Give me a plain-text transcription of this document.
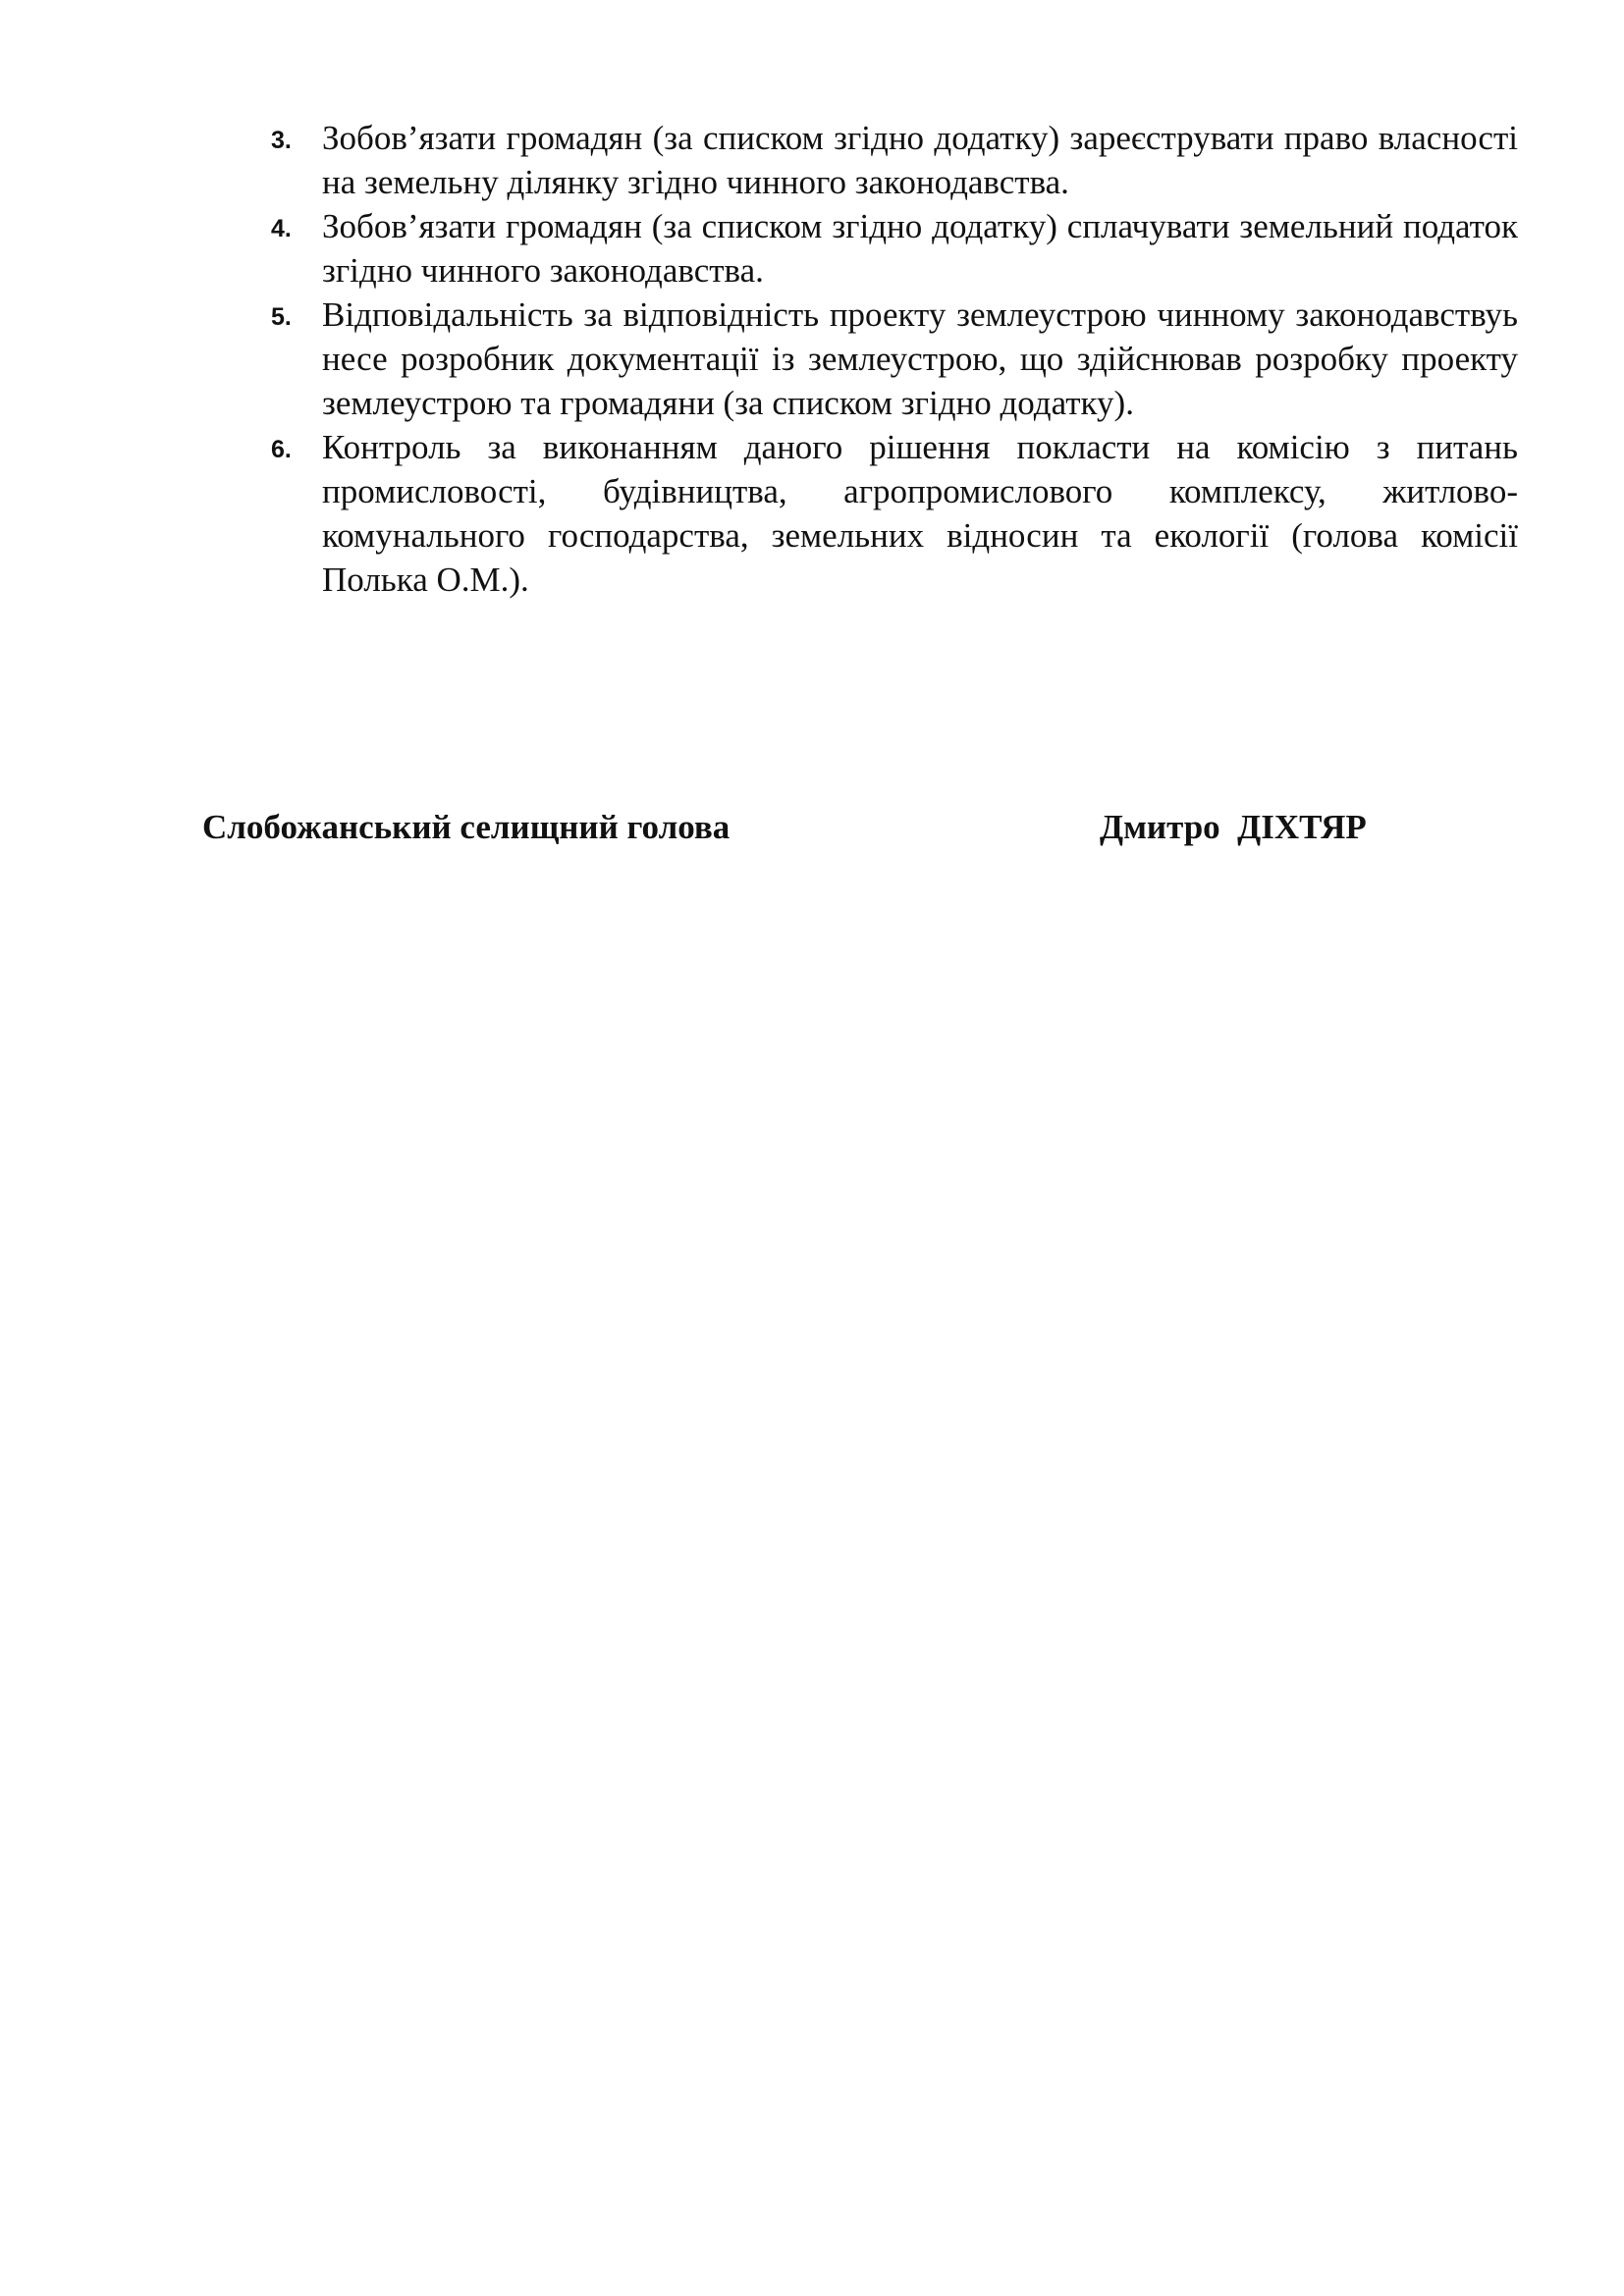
3. Зобов’язати громадян (за списком згідно додатку) зареєструвати право власності на земельну ділянку згідно чинного законодавства.

4. Зобов’язати громадян (за списком згідно додатку) сплачувати земельний податок згідно чинного законодавства.

5. Відповідальність за відповідність проекту землеустрою чинному законодавствуь несе розробник документації із землеустрою, що здійснював розробку проекту землеустрою та громадяни (за списком згідно додатку).

6. Контроль за виконанням даного рішення покласти на комісію з питань промисловості, будівництва, агропромислового комплексу, житлово-комунального господарства, земельних відносин та екології (голова комісії Полька О.М.).

Слобожанський селищний голова	Дмитро  ДІХТЯР
